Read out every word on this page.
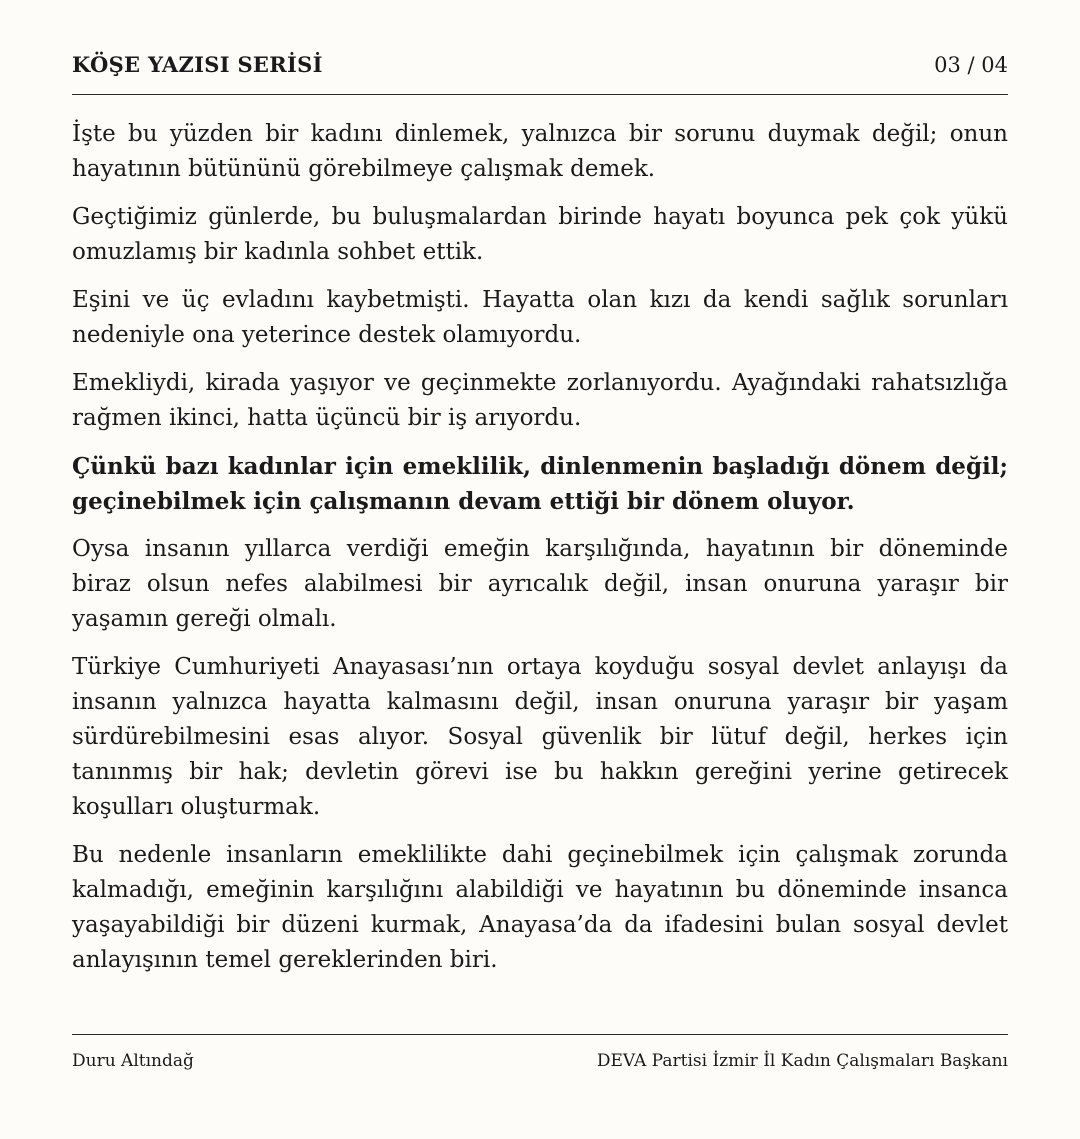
KÖŞE YAZISI SERİSİ	03 / 04

İşte bu yüzden bir kadını dinlemek, yalnızca bir sorunu duymak değil; onun hayatının bütününü görebilmeye çalışmak demek.

Geçtiğimiz günlerde, bu buluşmalardan birinde hayatı boyunca pek çok yükü omuzlamış bir kadınla sohbet ettik.

Eşini ve üç evladını kaybetmişti. Hayatta olan kızı da kendi sağlık sorunları nedeniyle ona yeterince destek olamıyordu.

Emekliydi, kirada yaşıyor ve geçinmekte zorlanıyordu. Ayağındaki rahatsızlığa rağmen ikinci, hatta üçüncü bir iş arıyordu.

Çünkü bazı kadınlar için emeklilik, dinlenmenin başladığı dönem değil; geçinebilmek için çalışmanın devam ettiği bir dönem oluyor.

Oysa insanın yıllarca verdiği emeğin karşılığında, hayatının bir döneminde biraz olsun nefes alabilmesi bir ayrıcalık değil, insan onuruna yaraşır bir yaşamın gereği olmalı.

Türkiye Cumhuriyeti Anayasası’nın ortaya koyduğu sosyal devlet anlayışı da insanın yalnızca hayatta kalmasını değil, insan onuruna yaraşır bir yaşam sürdürebilmesini esas alıyor. Sosyal güvenlik bir lütuf değil, herkes için tanınmış bir hak; devletin görevi ise bu hakkın gereğini yerine getirecek koşulları oluşturmak.

Bu nedenle insanların emeklilikte dahi geçinebilmek için çalışmak zorunda kalmadığı, emeğinin karşılığını alabildiği ve hayatının bu döneminde insanca yaşayabildiği bir düzeni kurmak, Anayasa’da da ifadesini bulan sosyal devlet anlayışının temel gereklerinden biri.

Duru Altındağ	DEVA Partisi İzmir İl Kadın Çalışmaları Başkanı
